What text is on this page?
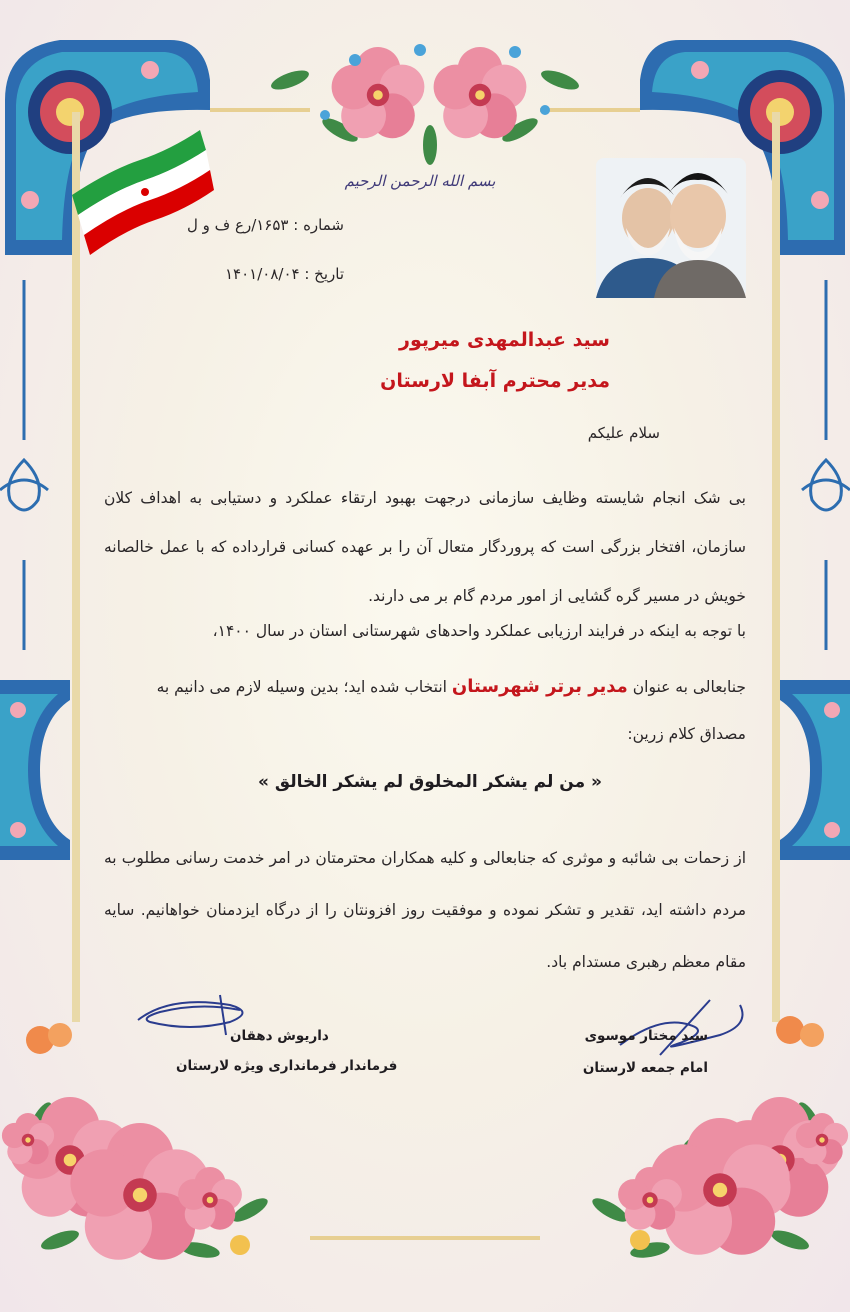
بسم الله الرحمن الرحیم
شماره : ۱۶۵۳/رع ف و ل
تاریخ : ۱۴۰۱/۰۸/۰۴
سید عبدالمهدی میرپور
مدیر محترم آبفا لارستان
سلام علیکم
بی شک انجام شایسته وظایف سازمانی درجهت بهبود ارتقاء عملکرد و دستیابی به اهداف کلان سازمان، افتخار بزرگی است که پروردگار متعال آن را بر عهده کسانی قرارداده که با عمل خالصانه خویش در مسیر گره گشایی از امور مردم گام بر می دارند.
با توجه به اینکه در فرایند ارزیابی عملکرد واحدهای شهرستانی استان در سال ۱۴۰۰،
جنابعالی به عنوان مدیر برتر شهرستان انتخاب شده اید؛ بدین وسیله لازم می دانیم به
مصداق کلام زرین:
« من لم یشکر المخلوق لم یشکر الخالق »
از زحمات بی شائبه و موثری که جنابعالی و کلیه همکاران محترمتان در امر خدمت رسانی مطلوب به مردم داشته اید، تقدیر و تشکر نموده و موفقیت روز افزونتان را از درگاه ایزدمنان خواهانیم. سایه مقام معظم رهبری مستدام باد.
داریوش دهقان
فرماندار فرمانداری ویژه لارستان
سید مختار موسوی
امام جمعه لارستان
